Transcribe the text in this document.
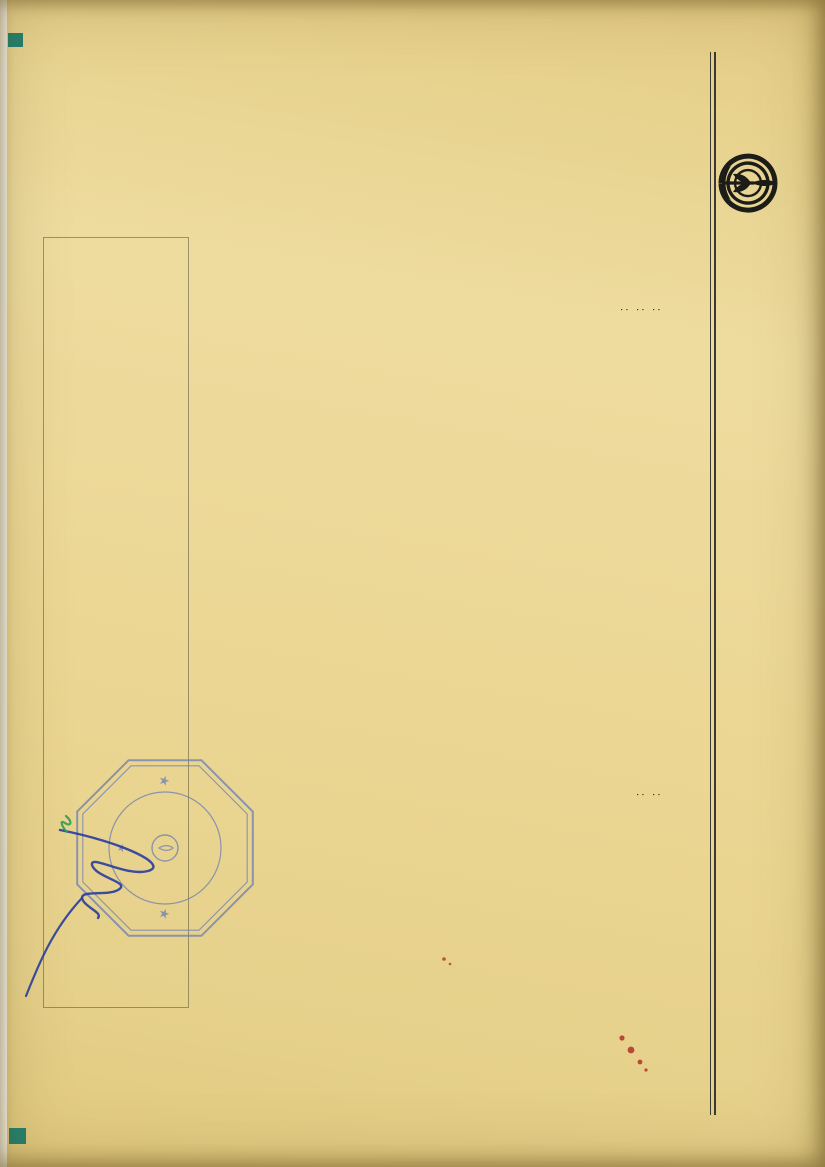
:
:
:
:
:
★
★
★
